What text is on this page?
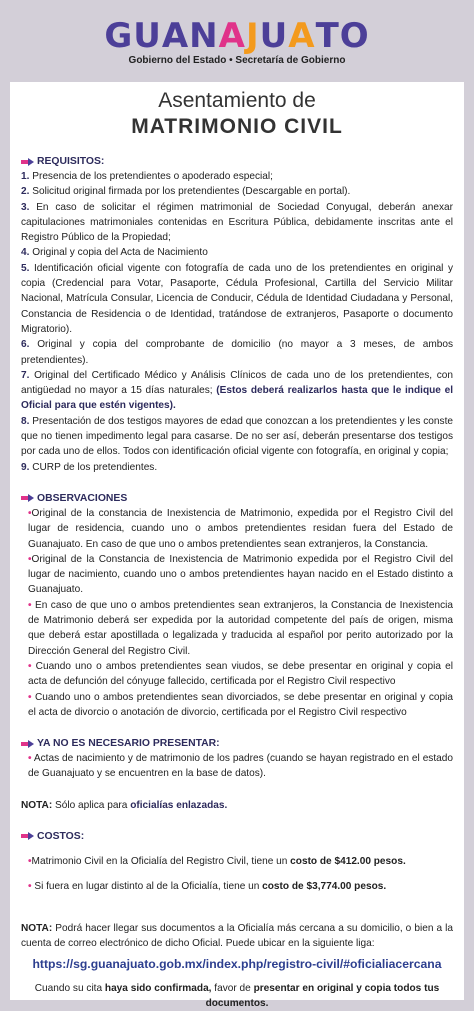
GUANAJUATO
Gobierno del Estado • Secretaría de Gobierno
Asentamiento de
MATRIMONIO CIVIL
REQUISITOS:

1. Presencia de los pretendientes o apoderado especial;

2. Solicitud original firmada por los pretendientes (Descargable en portal).

3. En caso de solicitar el régimen matrimonial de Sociedad Conyugal, deberán anexar capitulaciones matrimoniales contenidas en Escritura Pública, debidamente inscritas ante el Registro Público de la Propiedad;

4. Original y copia del Acta de Nacimiento

5. Identificación oficial vigente con fotografía de cada uno de los pretendientes en original y copia (Credencial para Votar, Pasaporte, Cédula Profesional, Cartilla del Servicio Militar Nacional, Matrícula Consular, Licencia de Conducir, Cédula de Identidad Ciudadana y Personal, Constancia de Residencia o de Identidad, tratándose de extranjeros, Pasaporte o documento Migratorio).

6. Original y copia del comprobante de domicilio (no mayor a 3 meses, de ambos pretendientes).

7. Original del Certificado Médico y Análisis Clínicos de cada uno de los pretendientes, con antigüedad no mayor a 15 días naturales; (Estos deberá realizarlos hasta que le indique el Oficial para que estén vigentes).

8. Presentación de dos testigos mayores de edad que conozcan a los pretendientes y les conste que no tienen impedimento legal para casarse. De no ser así, deberán presentarse dos testigos por cada uno de ellos. Todos con identificación oficial vigente con fotografía, en original y copia;

9. CURP de los pretendientes.

OBSERVACIONES

•Original de la constancia de Inexistencia de Matrimonio, expedida por el Registro Civil del lugar de residencia, cuando uno o ambos pretendientes residan fuera del Estado de Guanajuato. En caso de que uno o ambos pretendientes sean extranjeros, la Constancia.

•Original de la Constancia de Inexistencia de Matrimonio expedida por el Registro Civil del lugar de nacimiento, cuando uno o ambos pretendientes hayan nacido en el Estado distinto a Guanajuato.

• En caso de que uno o ambos pretendientes sean extranjeros, la Constancia de Inexistencia de Matrimonio deberá ser expedida por la autoridad competente del país de origen, misma que deberá estar apostillada o legalizada y traducida al español por perito autorizado por la Dirección General del Registro Civil.

• Cuando uno o ambos pretendientes sean viudos, se debe presentar en original y copia el acta de defunción del cónyuge fallecido, certificada por el Registro Civil respectivo

• Cuando uno o ambos pretendientes sean divorciados, se debe presentar en original y copia el acta de divorcio o anotación de divorcio, certificada por el Registro Civil respectivo

YA NO ES NECESARIO PRESENTAR:

• Actas de nacimiento y de matrimonio de los padres (cuando se hayan registrado en el estado de Guanajuato y se encuentren en la base de datos).

NOTA: Sólo aplica para oficialías enlazadas.
COSTOS:

•Matrimonio Civil en la Oficialía del Registro Civil, tiene un costo de $412.00 pesos.

• Si fuera en lugar distinto al de la Oficialía, tiene un costo de $3,774.00 pesos.

NOTA: Podrá hacer llegar sus documentos a la Oficialía más cercana a su domicilio, o bien a la cuenta de correo electrónico de dicho Oficial. Puede ubicar en la siguiente liga:
https://sg.guanajuato.gob.mx/index.php/registro-civil/#oficialiacercana
Cuando su cita haya sido confirmada, favor de presentar en original y copia todos tus documentos.
